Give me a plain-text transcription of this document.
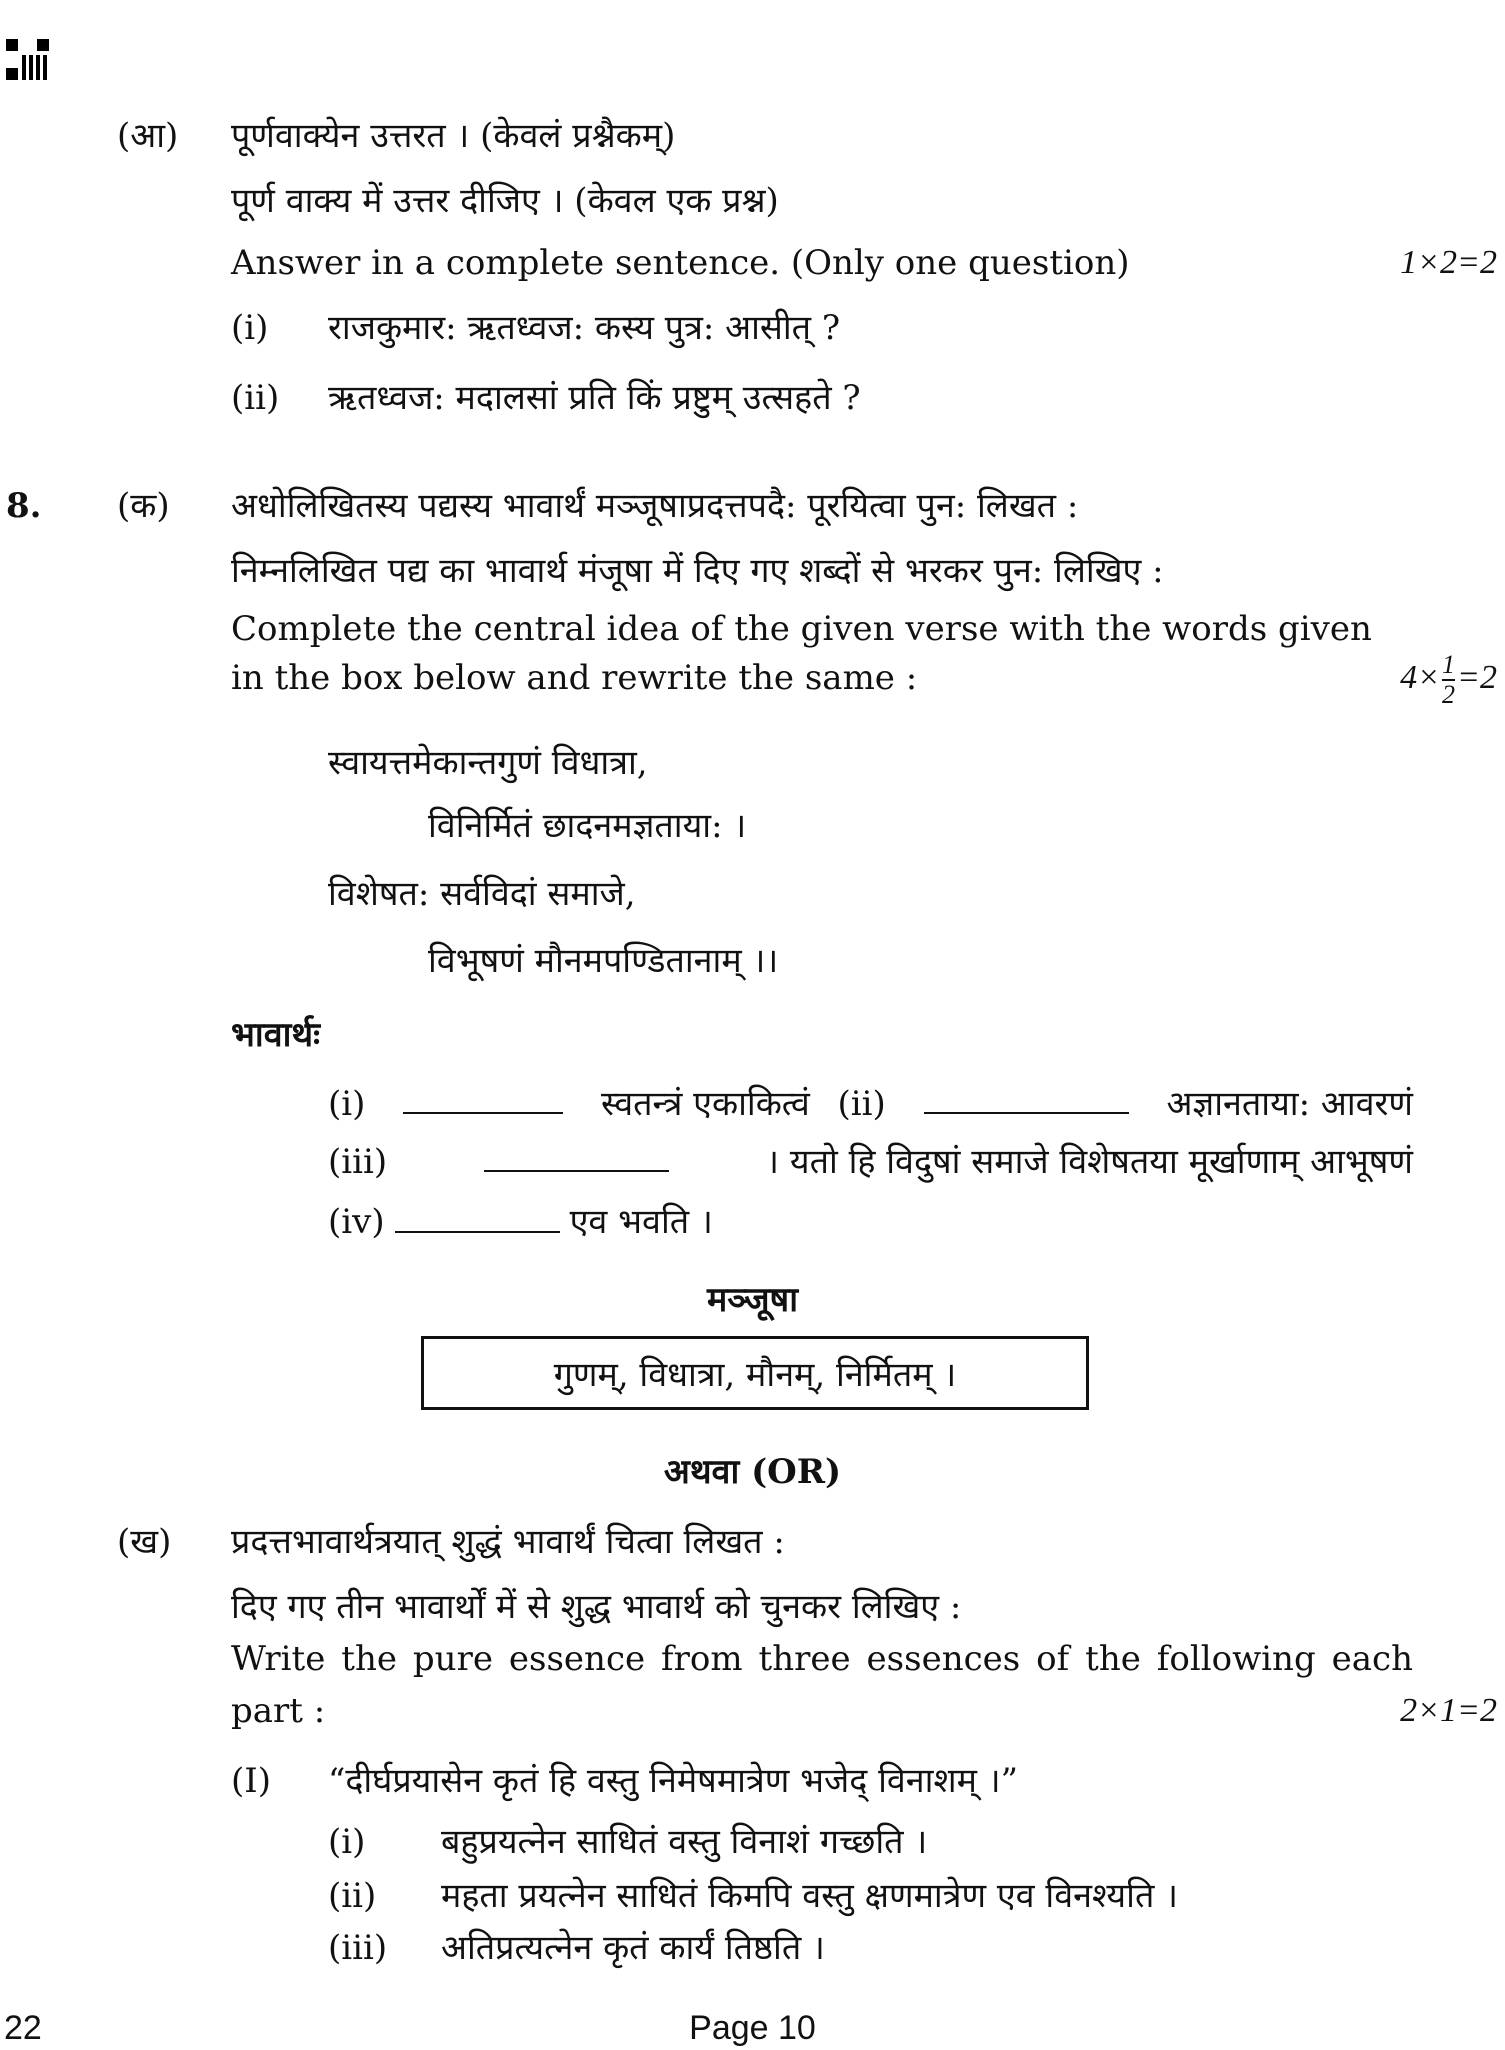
(आ) पूर्णवाक्येन उत्तरत । (केवलं प्रश्नैकम्)
पूर्ण वाक्य में उत्तर दीजिए । (केवल एक प्रश्न)
Answer in a complete sentence. (Only one question)	1×2=2
(i) राजकुमार: ऋतध्वज: कस्य पुत्र: आसीत् ?
(ii) ऋतध्वज: मदालसां प्रति किं प्रष्टुम् उत्सहते ?
8. (क) अधोलिखितस्य पद्यस्य भावार्थं मञ्जूषाप्रदत्तपदै: पूरयित्वा पुन: लिखत :
निम्नलिखित पद्य का भावार्थ मंजूषा में दिए गए शब्दों से भरकर पुन: लिखिए :
Complete the central idea of the given verse with the words given
in the box below and rewrite the same :	$4\times \frac{1}{2} =2$
स्वायत्तमेकान्तगुणं विधात्रा,
विनिर्मितं छादनमज्ञताया: ।
विशेषत: सर्वविदां समाजे,
विभूषणं मौनमपण्डितानाम् ।।
भावार्थः
(i)	स्वतन्त्रं एकाकित्वं (ii)	अज्ञानताया: आवरणं
(iii)	। यतो हि विदुषां समाजे विशेषतया मूर्खाणाम् आभूषणं
(iv)	एव भवति ।
मञ्जूषा
गुणम्, विधात्रा, मौनम्, निर्मितम् ।
अथवा (OR)
(ख) प्रदत्तभावार्थत्रयात् शुद्धं भावार्थं चित्वा लिखत :
दिए गए तीन भावार्थों में से शुद्ध भावार्थ को चुनकर लिखिए :
Write the pure essence from three essences of the following each
part :	2×1=2
(I) “दीर्घप्रयासेन कृतं हि वस्तु निमेषमात्रेण भजेद् विनाशम् ।”
(i) बहुप्रयत्नेन साधितं वस्तु विनाशं गच्छति ।
(ii) महता प्रयत्नेन साधितं किमपि वस्तु क्षणमात्रेण एव विनश्यति ।
(iii) अतिप्रत्यत्नेन कृतं कार्यं तिष्ठति ।
22	Page 10
